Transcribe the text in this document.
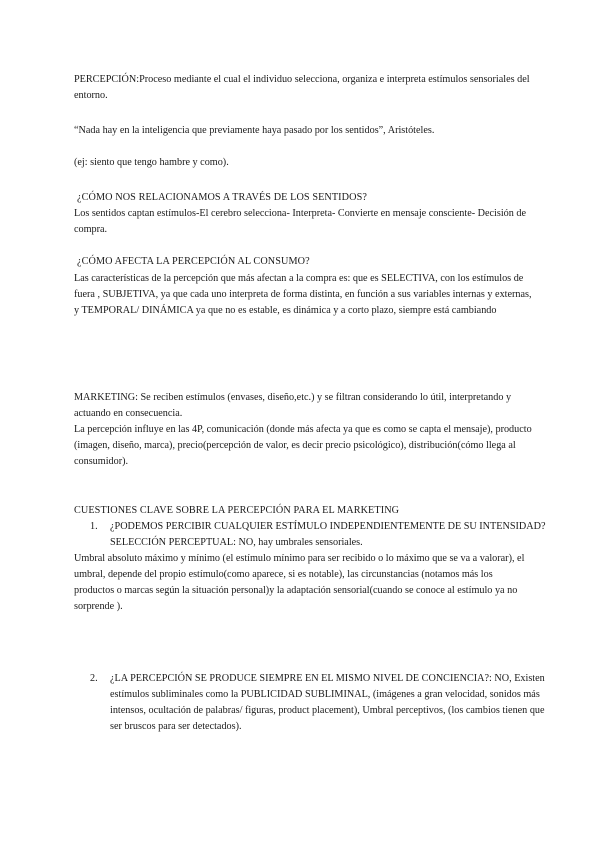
PERCEPCIÓN:Proceso mediante el cual el individuo selecciona, organiza e interpreta estímulos sensoriales del entorno.

“Nada hay en la inteligencia que previamente haya pasado por los sentidos”, Aristóteles.

(ej: siento que tengo hambre y como).

¿CÓMO NOS RELACIONAMOS A TRAVÉS DE LOS SENTIDOS?

Los sentidos captan estímulos-El cerebro selecciona- Interpreta- Convierte en mensaje consciente- Decisión de compra.

¿CÓMO AFECTA LA PERCEPCIÓN AL CONSUMO?

Las características de la percepción que más afectan a la compra es: que es SELECTIVA, con los estímulos de fuera , SUBJETIVA, ya que cada uno interpreta de forma distinta, en función a sus variables internas y externas, y TEMPORAL/ DINÁMICA ya que no es estable, es dinámica y a corto plazo, siempre está cambiando

MARKETING: Se reciben estímulos (envases, diseño,etc.) y se filtran considerando lo útil, interpretando y actuando en consecuencia.

La percepción influye en las 4P, comunicación (donde más afecta ya que es como se capta el mensaje), producto (imagen, diseño, marca), precio(percepción de valor, es decir precio psicológico), distribución(cómo llega al consumidor).

CUESTIONES CLAVE SOBRE LA PERCEPCIÓN PARA EL MARKETING

1. ¿PODEMOS PERCIBIR CUALQUIER ESTÍMULO INDEPENDIENTEMENTE DE SU INTENSIDAD? SELECCIÓN PERCEPTUAL: NO, hay umbrales sensoriales.

Umbral absoluto máximo y mínimo (el estímulo mínimo para ser recibido o lo máximo que se va a valorar), el umbral, depende del propio estímulo(como aparece, si es notable), las circunstancias (notamos más los productos o marcas según la situación personal)y la adaptación sensorial(cuando se conoce al estímulo ya no sorprende ).

2. ¿LA PERCEPCIÓN SE PRODUCE SIEMPRE EN EL MISMO NIVEL DE CONCIENCIA?: NO, Existen estímulos subliminales como la PUBLICIDAD SUBLIMINAL, (imágenes a gran velocidad, sonidos más intensos, ocultación de palabras/ figuras, product placement), Umbral perceptivos, (los cambios tienen que ser bruscos para ser detectados).
